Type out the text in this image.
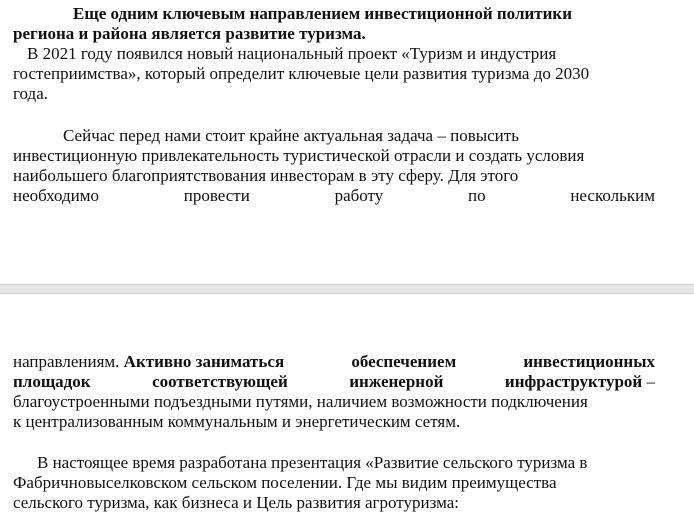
Еще одним ключевым направлением инвестиционной политики
региона и района является развитие туризма.
В 2021 году появился новый национальный проект «Туризм и индустрия
гостеприимства», который определит ключевые цели развития туризма до 2030
года.
Сейчас перед нами стоит крайне актуальная задача – повысить
инвестиционную привлекательность туристической отрасли и создать условия
наибольшего благоприятствования инвесторам в эту сферу. Для этого
необходимо	провести	работу	по	нескольким
направлениям. Активно заниматься	обеспечением	инвестиционных
площадок	соответствующей	инженерной	инфраструктурой –
благоустроенными подъездными путями, наличием возможности подключения
к централизованным коммунальным и энергетическим сетям.
В настоящее время разработана презентация «Развитие сельского туризма в
Фабричновыселковском сельском поселении. Где мы видим преимущества
сельского туризма, как бизнеса и Цель развития агротуризма:
